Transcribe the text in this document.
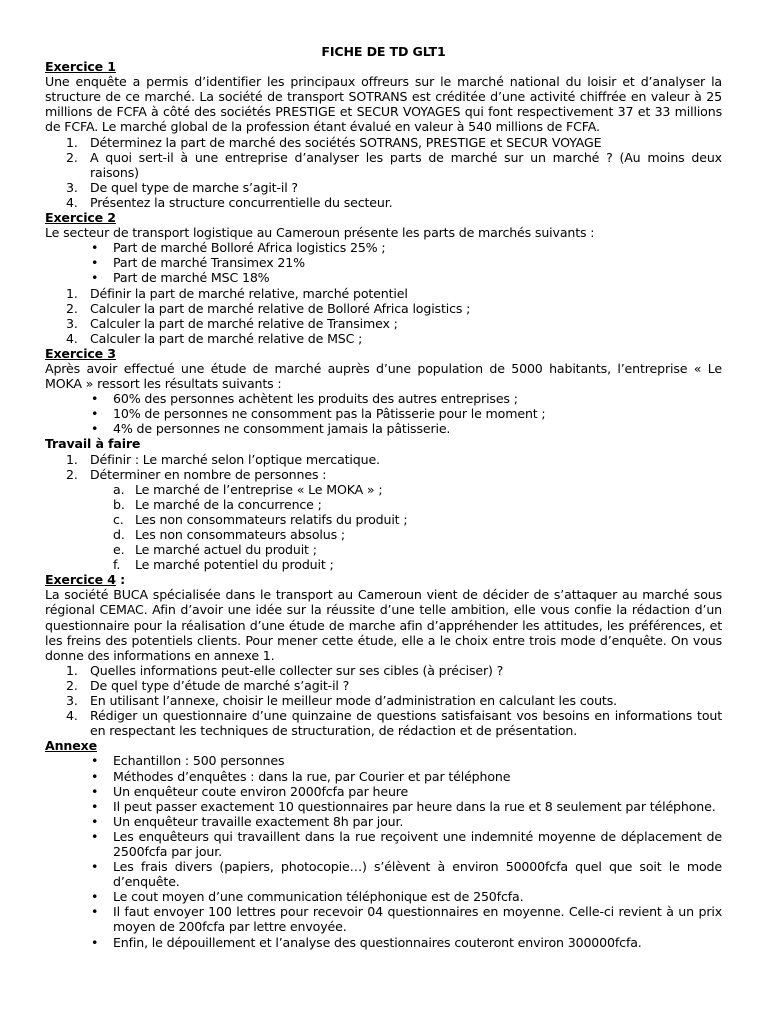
FICHE DE TD GLT1

Exercice 1

Une enquête a permis d’identifier les principaux offreurs sur le marché national du loisir et d’analyser la structure de ce marché. La société de transport SOTRANS est créditée d’une activité chiffrée en valeur à 25 millions de FCFA à côté des sociétés PRESTIGE et SECUR VOYAGES qui font respectivement 37 et 33 millions de FCFA. Le marché global de la profession étant évalué en valeur à 540 millions de FCFA.

1. Déterminez la part de marché des sociétés SOTRANS, PRESTIGE et SECUR VOYAGE
2. A quoi sert-il à une entreprise d’analyser les parts de marché sur un marché ? (Au moins deux raisons)
3. De quel type de marche s’agit-il ?
4. Présentez la structure concurrentielle du secteur.

Exercice 2

Le secteur de transport logistique au Cameroun présente les parts de marchés suivants :

• Part de marché Bolloré Africa logistics 25% ;
• Part de marché Transimex 21%
• Part de marché MSC 18%
1. Définir la part de marché relative, marché potentiel
2. Calculer la part de marché relative de Bolloré Africa logistics ;
3. Calculer la part de marché relative de Transimex ;
4. Calculer la part de marché relative de MSC ;

Exercice 3

Après avoir effectué une étude de marché auprès d’une population de 5000 habitants, l’entreprise « Le MOKA » ressort les résultats suivants :

• 60% des personnes achètent les produits des autres entreprises ;
• 10% de personnes ne consomment pas la Pâtisserie pour le moment ;
• 4% de personnes ne consomment jamais la pâtisserie.

Travail à faire

1. Définir : Le marché selon l’optique mercatique.
2. Déterminer en nombre de personnes :
a. Le marché de l’entreprise « Le MOKA » ;
b. Le marché de la concurrence ;
c. Les non consommateurs relatifs du produit ;
d. Les non consommateurs absolus ;
e. Le marché actuel du produit ;
f. Le marché potentiel du produit ;

Exercice 4 :

La société BUCA spécialisée dans le transport au Cameroun vient de décider de s’attaquer au marché sous régional CEMAC. Afin d’avoir une idée sur la réussite d’une telle ambition, elle vous confie la rédaction d’un questionnaire pour la réalisation d’une étude de marche afin d’appréhender les attitudes, les préférences, et les freins des potentiels clients. Pour mener cette étude, elle a le choix entre trois mode d’enquête. On vous donne des informations en annexe 1.

1. Quelles informations peut-elle collecter sur ses cibles (à préciser) ?
2. De quel type d’étude de marché s’agit-il ?
3. En utilisant l’annexe, choisir le meilleur mode d’administration en calculant les couts.
4. Rédiger un questionnaire d’une quinzaine de questions satisfaisant vos besoins en informations tout en respectant les techniques de structuration, de rédaction et de présentation.

Annexe

• Echantillon : 500 personnes
• Méthodes d’enquêtes : dans la rue, par Courier et par téléphone
• Un enquêteur coute environ 2000fcfa par heure
• Il peut passer exactement 10 questionnaires par heure dans la rue et 8 seulement par téléphone.
• Un enquêteur travaille exactement 8h par jour.
• Les enquêteurs qui travaillent dans la rue reçoivent une indemnité moyenne de déplacement de 2500fcfa par jour.
• Les frais divers (papiers, photocopie…) s’élèvent à environ 50000fcfa quel que soit le mode d’enquête.
• Le cout moyen d’une communication téléphonique est de 250fcfa.
• Il faut envoyer 100 lettres pour recevoir 04 questionnaires en moyenne. Celle-ci revient à un prix moyen de 200fcfa par lettre envoyée.
• Enfin, le dépouillement et l’analyse des questionnaires couteront environ 300000fcfa.
